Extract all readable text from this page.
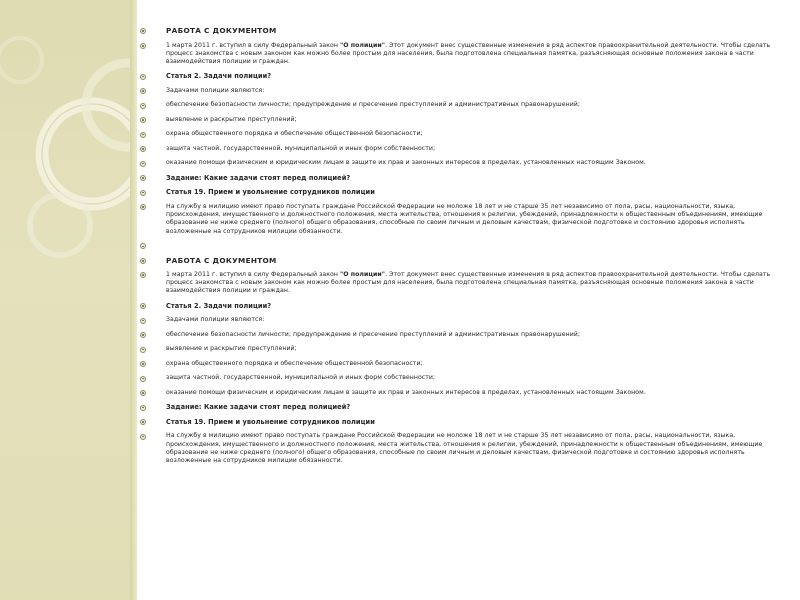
РАБОТА С ДОКУМЕНТОМ
1 марта 2011 г. вступил в силу Федеральный закон "О полиции". Этот документ внес существенные изменения в ряд аспектов правоохранительной деятельности. Чтобы сделать процесс знакомства с новым законом как можно более простым для населения, была подготовлена специальная памятка, разъясняющая основные положения закона в части взаимодействия полиции и граждан.
Статья 2. Задачи полиции?
Задачами полиции являются:
обеспечение безопасности личности; предупреждение и пресечение преступлений и административных правонарушений;
выявление и раскрытие преступлений;
охрана общественного порядка и обеспечение общественной безопасности;
защита частной, государственной, муниципальной и иных форм собственности;
оказание помощи физическим и юридическим лицам в защите их прав и законных интересов в пределах, установленных настоящим Законом.
Задание: Какие задачи стоят перед полицией?
Статья 19. Прием и увольнение сотрудников полиции
На службу в милицию имеют право поступать граждане Российской Федерации не моложе 18 лет и не старше 35 лет независимо от пола, расы, национальности, языка, происхождения, имущественного и должностного положения, места жительства, отношения к религии, убеждений, принадлежности к общественным объединениям, имеющие образование не ниже среднего (полного) общего образования, способные по своим личным и деловым качествам, физической подготовке и состоянию здоровья исполнять возложенные на сотрудников милиции обязанности.
РАБОТА С ДОКУМЕНТОМ
1 марта 2011 г. вступил в силу Федеральный закон "О полиции". Этот документ внес существенные изменения в ряд аспектов правоохранительной деятельности. Чтобы сделать процесс знакомства с новым законом как можно более простым для населения, была подготовлена специальная памятка, разъясняющая основные положения закона в части взаимодействия полиции и граждан.
Статья 2. Задачи полиции?
Задачами полиции являются:
обеспечение безопасности личности; предупреждение и пресечение преступлений и административных правонарушений;
выявление и раскрытие преступлений;
охрана общественного порядка и обеспечение общественной безопасности;
защита частной, государственной, муниципальной и иных форм собственности;
оказание помощи физическим и юридическим лицам в защите их прав и законных интересов в пределах, установленных настоящим Законом.
Задание: Какие задачи стоят перед полицией?
Статья 19. Прием и увольнение сотрудников полиции
На службу в милицию имеют право поступать граждане Российской Федерации не моложе 18 лет и не старше 35 лет независимо от пола, расы, национальности, языка, происхождения, имущественного и должностного положения, места жительства, отношения к религии, убеждений, принадлежности к общественным объединениям, имеющие образование не ниже среднего (полного) общего образования, способные по своим личным и деловым качествам, физической подготовке и состоянию здоровья исполнять возложенные на сотрудников милиции обязанности.
